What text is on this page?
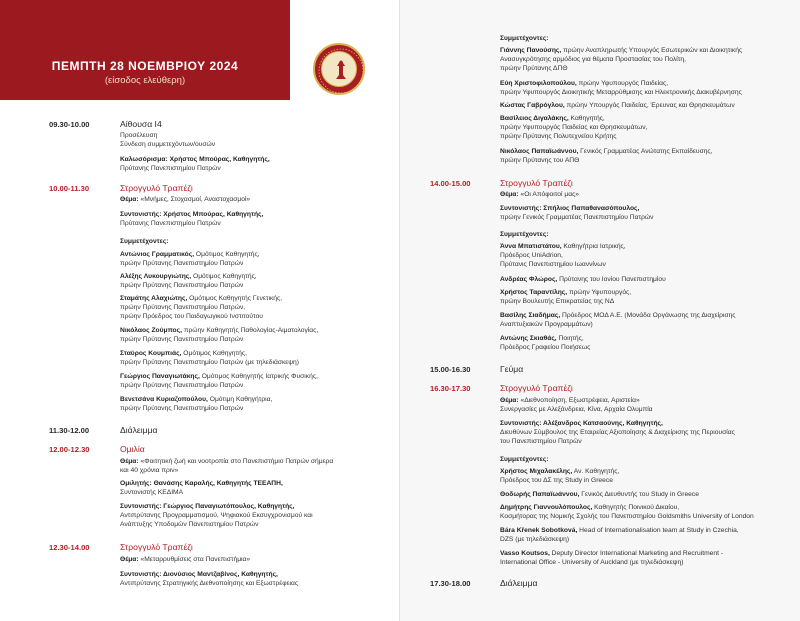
ΠΕΜΠΤΗ 28 ΝΟΕΜΒΡΙΟΥ 2024
(είσοδος ελεύθερη)
09.30-10.00	Αίθουσα Ι4
Προσέλευση
Σύνδεση συμμετεχόντων/ουσών
Καλωσόρισμα: Χρήστος Μπούρας, Καθηγητής,
Πρύτανης Πανεπιστημίου Πατρών
10.00-11.30	Στρογγυλό Τραπέζι
Θέμα: «Μνήμες, Στοχασμοί, Αναστοχασμοί»
Συντονιστής: Χρήστος Μπούρας, Καθηγητής,
Πρύτανης Πανεπιστημίου Πατρών
Συμμετέχοντες:
Αντώνιος Γραμματικός, Ομότιμος Καθηγητής,
πρώην Πρύτανης Πανεπιστημίου Πατρών
Αλέξης Λυκουργιώτης, Ομότιμος Καθηγητής,
πρώην Πρύτανης Πανεπιστημίου Πατρών
Σταμάτης Αλαχιώτης, Ομότιμος Καθηγητής Γενετικής,
πρώην Πρύτανης Πανεπιστημίου Πατρών,
πρώην Πρόεδρος του Παιδαγωγικού Ινστιτούτου
Νικόλαος Ζούμπος, πρώην Καθηγητής Παθολογίας-Αιματολογίας,
πρώην Πρύτανης Πανεπιστημίου Πατρών
Σταύρος Κουμπιάς, Ομότιμος Καθηγητής,
πρώην Πρύτανης Πανεπιστημίου Πατρών (με τηλεδιάσκεψη)
Γεώργιος Παναγιωτάκης, Ομότιμος Καθηγητής Ιατρικής Φυσικής,
πρώην Πρύτανης Πανεπιστημίου Πατρών
Βενετσάνα Κυριαζοπούλου, Ομότιμη Καθηγήτρια,
πρώην Πρύτανης Πανεπιστημίου Πατρών
11.30-12.00	Διάλειμμα
12.00-12.30	Ομιλία
Θέμα: «Φοιτητική ζωή και νοοτροπία στο Πανεπιστήμιο Πατρών σήμερα
και 40 χρόνια πριν»
Ομιλητής: Θανάσης Καραλής, Καθηγητής ΤΕΕΑΠΗ,
Συντονιστής ΚΕΔΙΜΑ
Συντονιστής: Γεώργιος Παναγιωτόπουλος, Καθηγητής,
Αντιπρύτανης Προγραμματισμού, Ψηφιακού Εκσυγχρονισμού και
Ανάπτυξης Υποδομών Πανεπιστημίου Πατρών
12.30-14.00	Στρογγυλό Τραπέζι
Θέμα: «Μεταρρυθμίσεις στα Πανεπιστήμια»
Συντονιστής: Διονύσιος Μαντζαβίνος, Καθηγητής,
Αντιπρύτανης Στρατηγικής Διεθνοποίησης και Εξωστρέφειας
Συμμετέχοντες:
Γιάννης Πανούσης, πρώην Αναπληρωτής Υπουργός Εσωτερικών και Διοικητικής
Ανασυγκρότησης αρμόδιος για θέματα Προστασίας του Πολίτη,
πρώην Πρύτανης ΔΠΘ
Εύη Χριστοφιλοπούλου, πρώην Υφυπουργός Παιδείας,
πρώην Υφυπουργός Διοικητικής Μεταρρύθμισης και Ηλεκτρονικής Διακυβέρνησης
Κώστας Γαβρόγλου, πρώην Υπουργός Παιδείας, Έρευνας και Θρησκευμάτων
Βασίλειος Διγαλάκης, Καθηγητής,
πρώην Υφυπουργός Παιδείας και Θρησκευμάτων,
πρώην Πρύτανης Πολυτεχνείου Κρήτης
Νικόλαος Παπαϊωάννου, Γενικός Γραμματέας Ανώτατης Εκπαίδευσης,
πρώην Πρύτανης του ΑΠΘ
14.00-15.00	Στρογγυλό Τραπέζι
Θέμα: «Οι Απόφοιτοί μας»
Συντονιστής: Σπήλιος Παπαθανασόπουλος,
πρώην Γενικός Γραμματέας Πανεπιστημίου Πατρών
Συμμετέχοντες:
Άννα Μπατιστάτου, Καθηγήτρια Ιατρικής,
Πρόεδρος UniAdrion,
Πρύτανις Πανεπιστημίου Ιωαννίνων
Ανδρέας Φλώρος, Πρύτανης του Ιονίου Πανεπιστημίου
Χρήστος Ταραντίλης, πρώην Υφυπουργός,
πρώην Βουλευτής Επικρατείας της ΝΔ
Βασίλης Σιαδήμας, Πρόεδρος ΜΟΔ Α.Ε. (Μονάδα Οργάνωσης της Διαχείρισης
Αναπτυξιακών Προγραμμάτων)
Αντώνης Σκιαθάς, Ποιητής,
Πρόεδρος Γραφείου Ποιήσεως
15.00-16.30	Γεύμα
16.30-17.30	Στρογγυλό Τραπέζι
Θέμα: «Διεθνοποίηση, Εξωστρέφεια, Αριστεία»
Συνεργασίες με Αλεξάνδρεια, Κίνα, Αρχαία Ολυμπία
Συντονιστής: Αλέξανδρος Κατσαούνης, Καθηγητής,
Διευθύνων Σύμβουλος της Εταιρείας Αξιοποίησης & Διαχείρισης της Περιουσίας
του Πανεπιστημίου Πατρών
Συμμετέχοντες:
Χρήστος Μιχαλακέλης, Αν. Καθηγητής,
Πρόεδρος του ΔΣ της Study in Greece
Θοδωρής Παπαϊωάννου, Γενικός Διευθυντής του Study in Greece
Δημήτρης Γιαννουλόπουλος, Καθηγητής Ποινικού Δικαίου,
Κοσμήτορας της Νομικής Σχολής του Πανεπιστημίου Goldsmiths University of London
Bára Křenek Sobotková, Head of Internationalisation team at Study in Czechia,
DZS (με τηλεδιάσκεψη)
Vasso Koutsos, Deputy Director International Marketing and Recruitment -
International Office - University of Auckland (με τηλεδιάσκεψη)
17.30-18.00	Διάλειμμα
